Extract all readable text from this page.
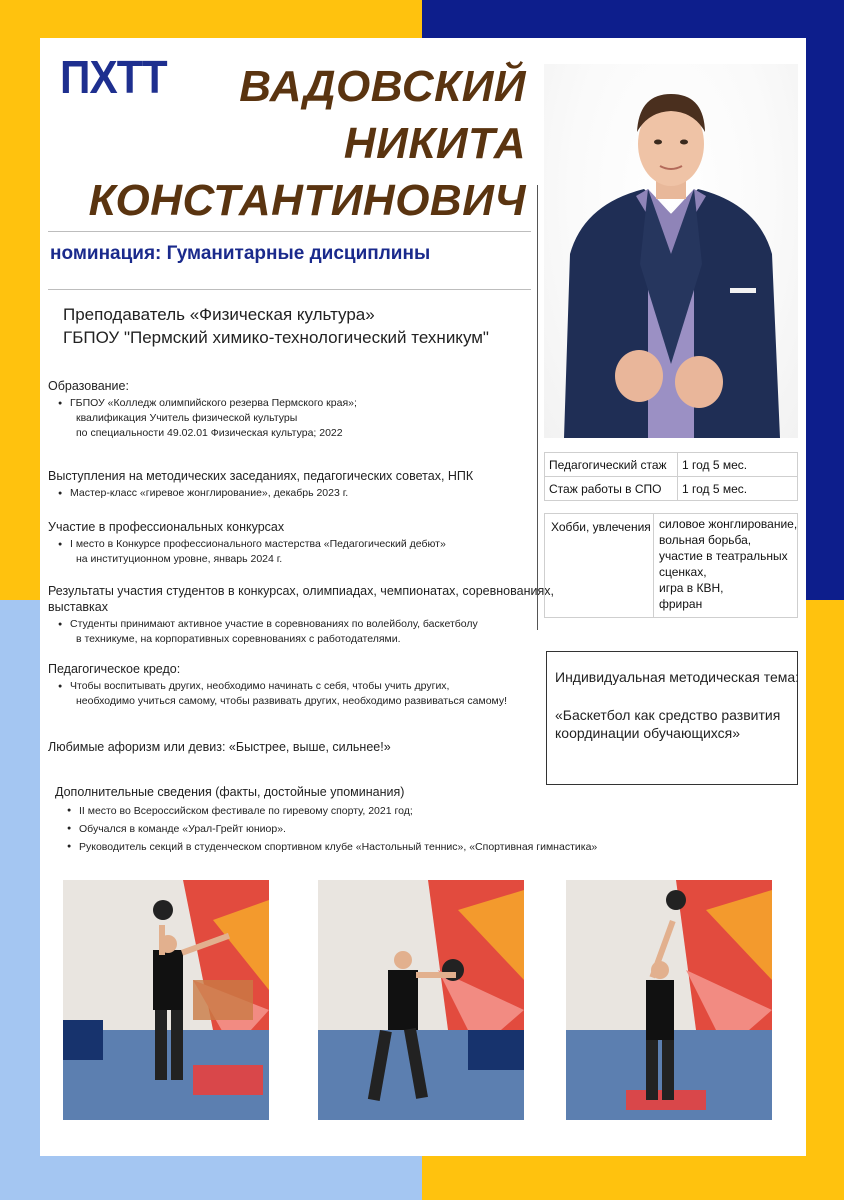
ПХТТ	ВАДОВСКИЙ
НИКИТА
КОНСТАНТИНОВИЧ
номинация: Гуманитарные дисциплины
Преподаватель «Физическая культура»
ГБПОУ "Пермский химико-технологический техникум"
Образование:
● ГБПОУ «Колледж олимпийского резерва Пермского края»;
квалификация Учитель физической культуры
по специальности 49.02.01 Физическая культура; 2022
Выступления на методических заседаниях, педагогических советах, НПК
● Мастер-класс «гиревое жонглирование», декабрь 2023 г.
Участие в профессиональных конкурсах
● I место в Конкурсе профессионального мастерства «Педагогический дебют»
на институционном уровне, январь 2024 г.
Результаты участия студентов в конкурсах, олимпиадах, чемпионатах, соревнованиях,
выставках
● Студенты принимают активное участие в соревнованиях по волейболу, баскетболу
в техникуме, на корпоративных соревнованиях с работодателями.
Педагогическое кредо:
● Чтобы воспитывать других, необходимо начинать с себя, чтобы учить других,
необходимо учиться самому, чтобы развивать других, необходимо развиваться самому!
Любимые афоризм или девиз: «Быстрее, выше, сильнее!»
Дополнительные сведения (факты, достойные упоминания)
● II место во Всероссийском фестивале по гиревому спорту, 2021 год;
● Обучался в команде «Урал-Грейт юниор».
● Руководитель секций в студенческом спортивном клубе «Настольный теннис», «Спортивная гимнастика»
Педагогический стаж	1 год 5 мес.
Стаж работы в СПО	1 год 5 мес.
Хобби, увлечения силовое жонглирование,
вольная борьба,
участие в театральных
сценках,
игра в КВН,
фриран
Индивидуальная методическая тема:
«Баскетбол как средство развития координации обучающихся»
